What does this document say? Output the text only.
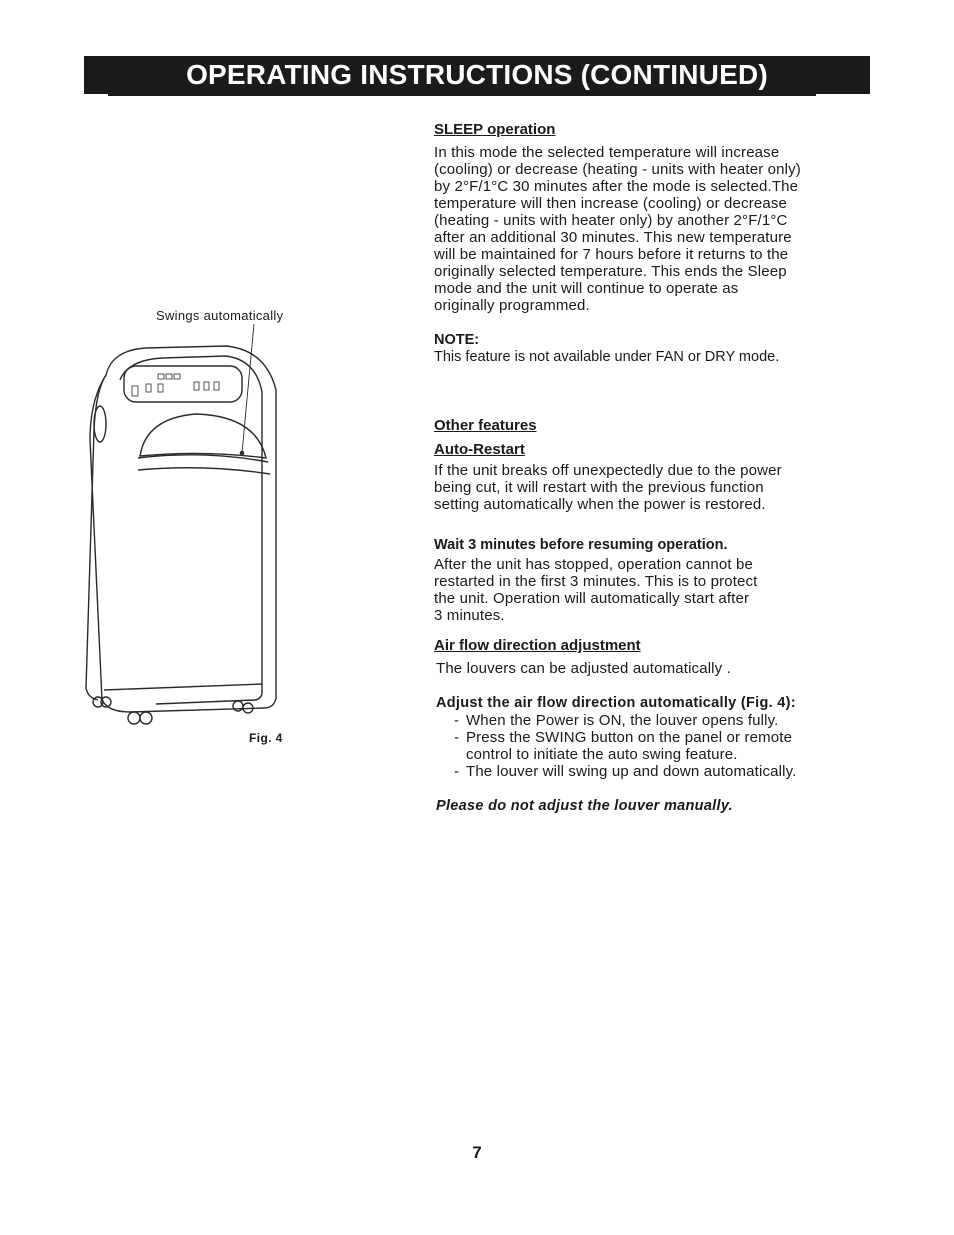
OPERATING INSTRUCTIONS (CONTINUED)
Swings automatically
Fig. 4

SLEEP operation

In this mode the selected temperature will increase

(cooling) or decrease (heating - units with heater only)

by 2°F/1°C 30 minutes after the mode is selected.The

temperature will then increase (cooling) or decrease

(heating - units with heater only) by another 2°F/1°C

after an additional 30 minutes. This new temperature

will be maintained for 7 hours before it returns to the

originally selected temperature. This ends the Sleep

mode and the unit will continue to operate as

originally programmed.

NOTE:

This feature is not available under FAN or DRY mode.

Other features

Auto-Restart

If the unit breaks off unexpectedly due to the power

being cut, it will restart with the previous function

setting automatically when the power is restored.

Wait 3 minutes before resuming operation.

After the unit has stopped, operation cannot be

restarted in the first 3 minutes. This is to protect

the unit. Operation will automatically start after

3 minutes.

Air flow direction adjustment

The louvers can be adjusted automatically .

Adjust the air flow direction automatically (Fig. 4):

- When the Power is ON, the louver opens fully.
- Press the SWING button on the panel or remote
control to initiate the auto swing feature.
- The louver will swing up and down automatically.

Please do not adjust the louver manually.

7
